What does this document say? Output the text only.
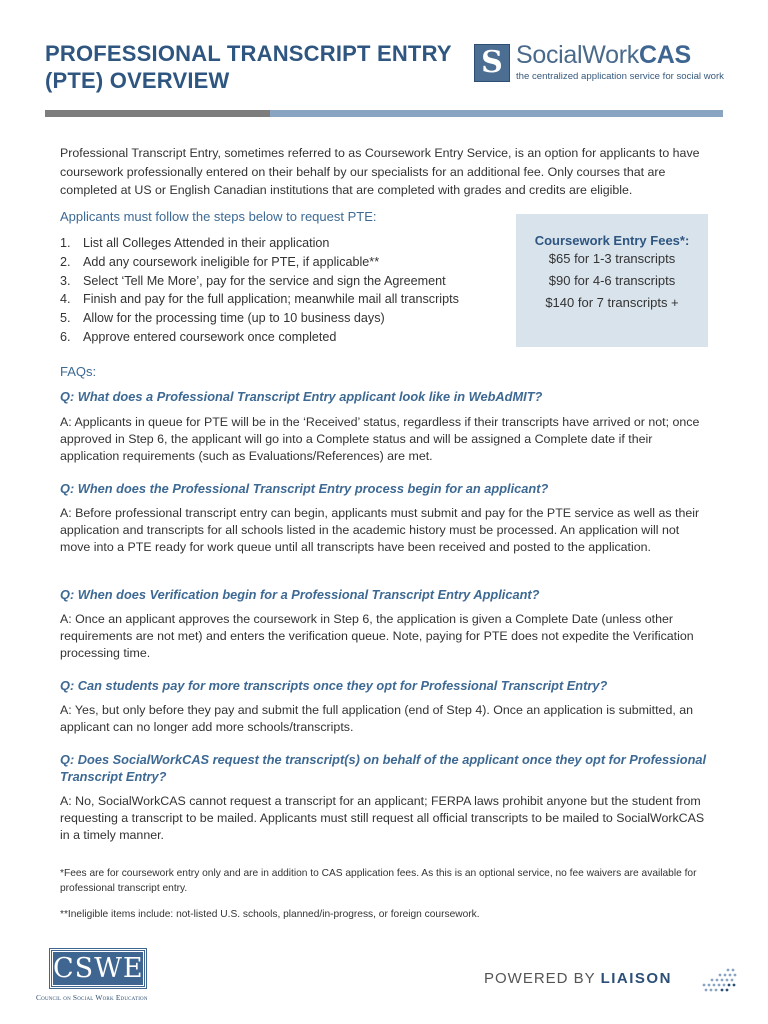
PROFESSIONAL TRANSCRIPT ENTRY
(PTE) OVERVIEW
S SocialWorkCAS
the centralized application service for social work

Professional Transcript Entry, sometimes referred to as Coursework Entry Service, is an option for applicants to have coursework professionally entered on their behalf by our specialists for an additional fee. Only courses that are completed at US or English Canadian institutions that are completed with grades and credits are eligible.

Applicants must follow the steps below to request PTE:
1. List all Colleges Attended in their application
2. Add any coursework ineligible for PTE, if applicable**
3. Select ‘Tell Me More’, pay for the service and sign the Agreement
4. Finish and pay for the full application; meanwhile mail all transcripts
5. Allow for the processing time (up to 10 business days)
6. Approve entered coursework once completed
Coursework Entry Fees*:
$65 for 1-3 transcripts
$90 for 4-6 transcripts
$140 for 7 transcripts +
FAQs:
Q: What does a Professional Transcript Entry applicant look like in WebAdMIT?
A: Applicants in queue for PTE will be in the ‘Received’ status, regardless if their transcripts have arrived or not; once approved in Step 6, the applicant will go into a Complete status and will be assigned a Complete date if their application requirements (such as Evaluations/References) are met.
Q: When does the Professional Transcript Entry process begin for an applicant?
A: Before professional transcript entry can begin, applicants must submit and pay for the PTE service as well as their application and transcripts for all schools listed in the academic history must be processed. An application will not move into a PTE ready for work queue until all transcripts have been received and posted to the application.
Q: When does Verification begin for a Professional Transcript Entry Applicant?
A: Once an applicant approves the coursework in Step 6, the application is given a Complete Date (unless other requirements are not met) and enters the verification queue. Note, paying for PTE does not expedite the Verification processing time.
Q: Can students pay for more transcripts once they opt for Professional Transcript Entry?
A: Yes, but only before they pay and submit the full application (end of Step 4). Once an application is submitted, an applicant can no longer add more schools/transcripts.
Q: Does SocialWorkCAS request the transcript(s) on behalf of the applicant once they opt for Professional Transcript Entry?
A: No, SocialWorkCAS cannot request a transcript for an applicant; FERPA laws prohibit anyone but the student from requesting a transcript to be mailed. Applicants must still request all official transcripts to be mailed to SocialWorkCAS in a timely manner.
*Fees are for coursework entry only and are in addition to CAS application fees. As this is an optional service, no fee waivers are available for professional transcript entry.
**Ineligible items include: not-listed U.S. schools, planned/in-progress, or foreign coursework.
CSWE
Council on Social Work Education
POWERED BY LIAISON
